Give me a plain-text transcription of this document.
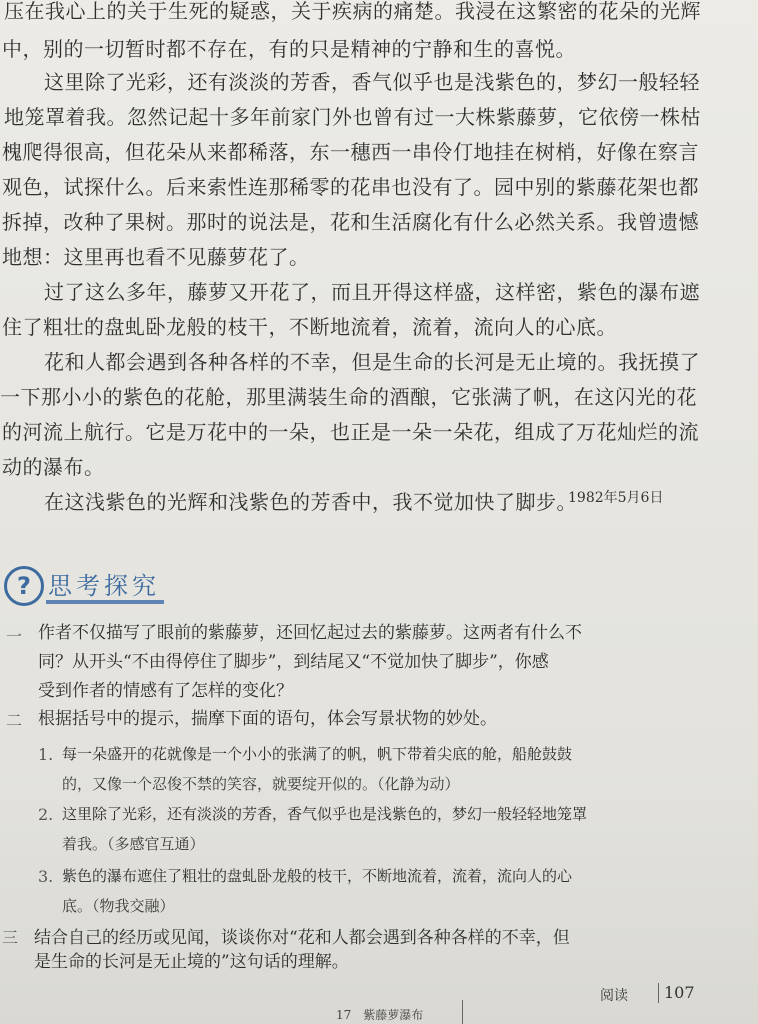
压在我心上的关于生死的疑惑，关于疾病的痛楚。我浸在这繁密的花朵的光辉
中，别的一切暂时都不存在，有的只是精神的宁静和生的喜悦。
这里除了光彩，还有淡淡的芳香，香气似乎也是浅紫色的，梦幻一般轻轻
地笼罩着我。忽然记起十多年前家门外也曾有过一大株紫藤萝，它依傍一株枯
槐爬得很高，但花朵从来都稀落，东一穗西一串伶仃地挂在树梢，好像在察言
观色，试探什么。后来索性连那稀零的花串也没有了。园中别的紫藤花架也都
拆掉，改种了果树。那时的说法是，花和生活腐化有什么必然关系。我曾遗憾
地想：这里再也看不见藤萝花了。
过了这么多年，藤萝又开花了，而且开得这样盛，这样密，紫色的瀑布遮
住了粗壮的盘虬卧龙般的枝干，不断地流着，流着，流向人的心底。
花和人都会遇到各种各样的不幸，但是生命的长河是无止境的。我抚摸了
一下那小小的紫色的花舱，那里满装生命的酒酿，它张满了帆，在这闪光的花
的河流上航行。它是万花中的一朵，也正是一朵一朵花，组成了万花灿烂的流
动的瀑布。
在这浅紫色的光辉和浅紫色的芳香中，我不觉加快了脚步。
1982年5月6日
? 思考探究
一 作者不仅描写了眼前的紫藤萝，还回忆起过去的紫藤萝。这两者有什么不
同？从开头“不由得停住了脚步”，到结尾又“不觉加快了脚步”，你感
受到作者的情感有了怎样的变化？
二 根据括号中的提示，揣摩下面的语句，体会写景状物的妙处。
1. 每一朵盛开的花就像是一个小小的张满了的帆，帆下带着尖底的舱，船舱鼓鼓
的，又像一个忍俊不禁的笑容，就要绽开似的。（化静为动）
2. 这里除了光彩，还有淡淡的芳香，香气似乎也是浅紫色的，梦幻一般轻轻地笼罩
着我。（多感官互通）
3. 紫色的瀑布遮住了粗壮的盘虬卧龙般的枝干，不断地流着，流着，流向人的心
底。（物我交融）
三 结合自己的经历或见闻，谈谈你对“花和人都会遇到各种各样的不幸，但
是生命的长河是无止境的”这句话的理解。
阅读 107
17　紫藤萝瀑布
